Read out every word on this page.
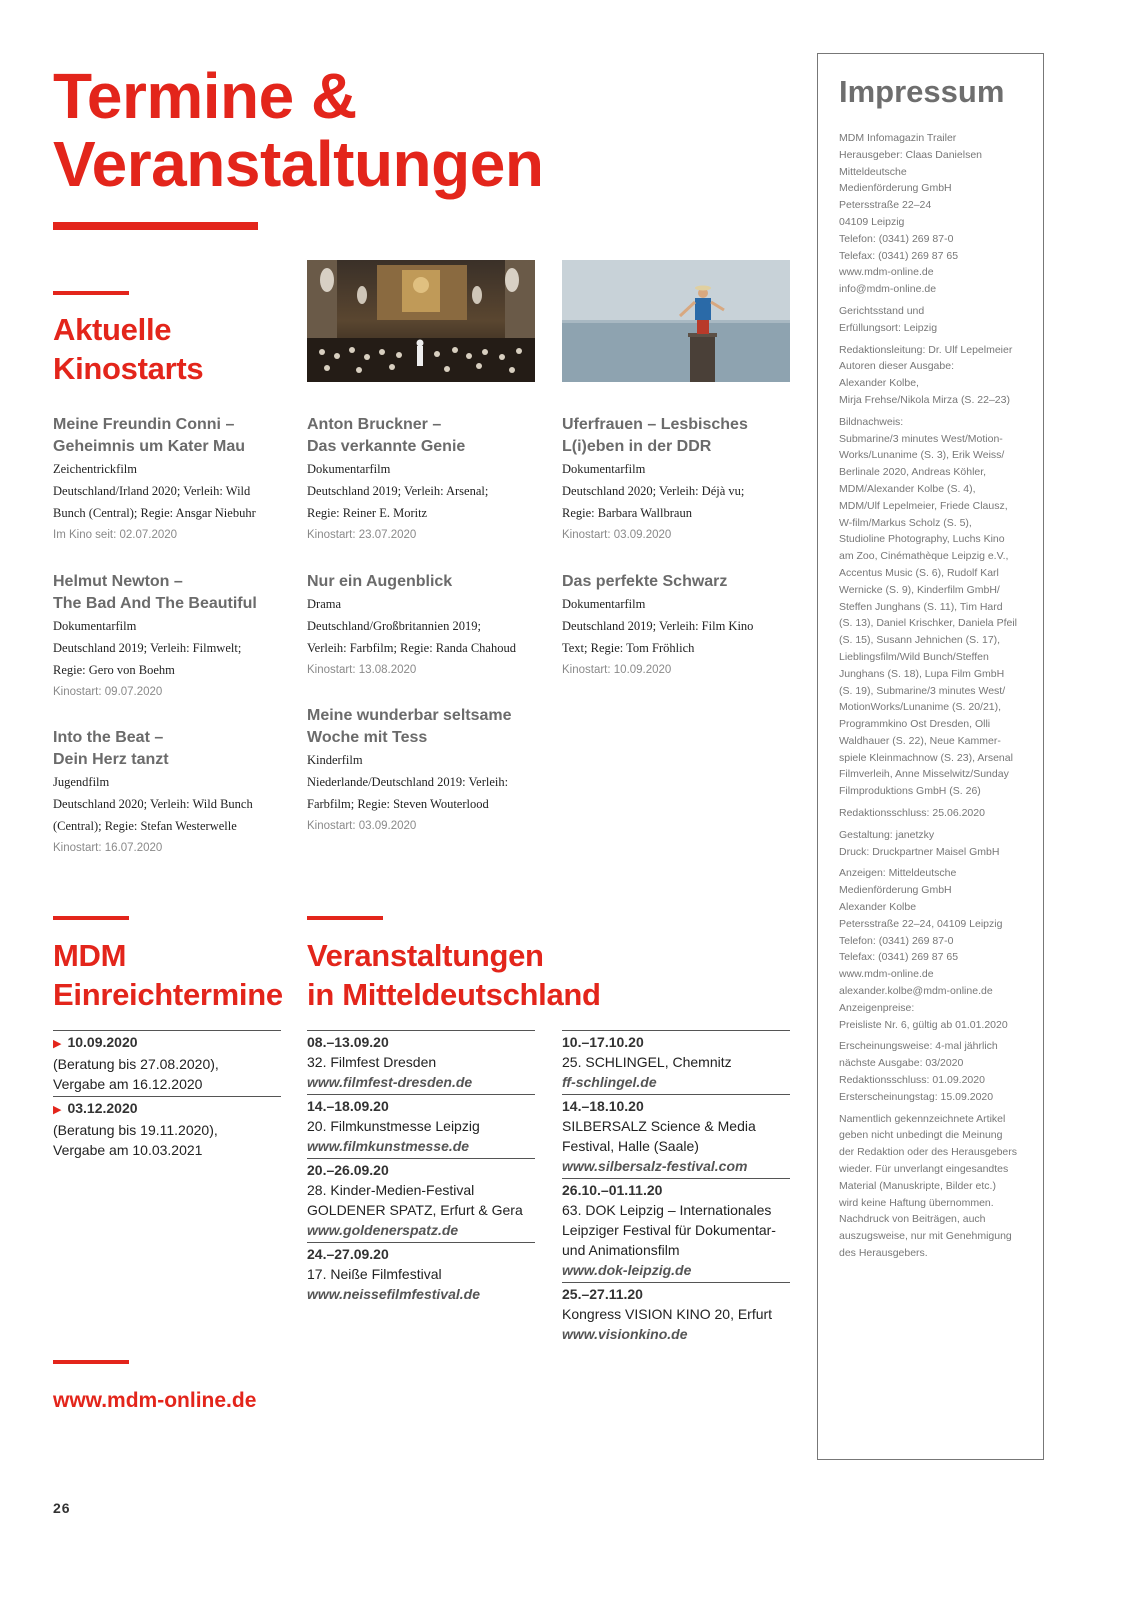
Termine &
Veranstaltungen
Aktuelle
Kinostarts

Meine Freundin Conni –
Geheimnis um Kater Mau

Zeichentrickfilm
Deutschland/Irland 2020; Verleih: Wild
Bunch (Central); Regie: Ansgar Niebuhr

Im Kino seit: 02.07.2020

Helmut Newton –
The Bad And The Beautiful

Dokumentarfilm
Deutschland 2019; Verleih: Filmwelt;
Regie: Gero von Boehm

Kinostart: 09.07.2020

Into the Beat –
Dein Herz tanzt

Jugendfilm
Deutschland 2020; Verleih: Wild Bunch
(Central); Regie: Stefan Westerwelle

Kinostart: 16.07.2020

Anton Bruckner –
Das verkannte Genie

Dokumentarfilm
Deutschland 2019; Verleih: Arsenal;
Regie: Reiner E. Moritz

Kinostart: 23.07.2020

Nur ein Augenblick

Drama
Deutschland/Großbritannien 2019;
Verleih: Farbfilm; Regie: Randa Chahoud

Kinostart: 13.08.2020

Meine wunderbar seltsame
Woche mit Tess

Kinderfilm
Niederlande/Deutschland 2019: Verleih:
Farbfilm; Regie: Steven Wouterlood

Kinostart: 03.09.2020

Uferfrauen – Lesbisches
L(i)eben in der DDR

Dokumentarfilm
Deutschland 2020; Verleih: Déjà vu;
Regie: Barbara Wallbraun

Kinostart: 03.09.2020

Das perfekte Schwarz

Dokumentarfilm
Deutschland 2019; Verleih: Film Kino
Text; Regie: Tom Fröhlich

Kinostart: 10.09.2020

MDM
Einreichtermine
▶ 10.09.2020
(Beratung bis 27.08.2020),
Vergabe am 16.12.2020
▶ 03.12.2020
(Beratung bis 19.11.2020),
Vergabe am 10.03.2021
Veranstaltungen
in Mitteldeutschland
08.–13.09.20
32. Filmfest Dresden
www.filmfest-dresden.de
14.–18.09.20
20. Filmkunstmesse Leipzig
www.filmkunstmesse.de
20.–26.09.20
28. Kinder-Medien-Festival
GOLDENER SPATZ, Erfurt & Gera
www.goldenerspatz.de
24.–27.09.20
17. Neiße Filmfestival
www.neissefilmfestival.de
10.–17.10.20
25. SCHLINGEL, Chemnitz
ff-schlingel.de
14.–18.10.20
SILBERSALZ Science & Media
Festival, Halle (Saale)
www.silbersalz-festival.com
26.10.–01.11.20
63. DOK Leipzig – Internationales
Leipziger Festival für Dokumentar-
und Animationsfilm
www.dok-leipzig.de
25.–27.11.20
Kongress VISION KINO 20, Erfurt
www.visionkino.de
www.mdm-online.de
26
Impressum

MDM Infomagazin Trailer
Herausgeber: Claas Danielsen
Mitteldeutsche
Medienförderung GmbH
Petersstraße 22–24
04109 Leipzig
Telefon: (0341) 269 87-0
Telefax: (0341) 269 87 65
www.mdm-online.de
info@mdm-online.de

Gerichtsstand und
Erfüllungsort: Leipzig

Redaktionsleitung: Dr. Ulf Lepelmeier
Autoren dieser Ausgabe:
Alexander Kolbe,
Mirja Frehse/Nikola Mirza (S. 22–23)

Bildnachweis:
Submarine/3 minutes West/Motion-
Works/Lunanime (S. 3), Erik Weiss/
Berlinale 2020, Andreas Köhler,
MDM/Alexander Kolbe (S. 4),
MDM/Ulf Lepelmeier, Friede Clausz,
W-film/Markus Scholz (S. 5),
Studioline Photography, Luchs Kino
am Zoo, Cinémathèque Leipzig e.V.,
Accentus Music (S. 6), Rudolf Karl
Wernicke (S. 9), Kinderfilm GmbH/
Steffen Junghans (S. 11), Tim Hard
(S. 13), Daniel Krischker, Daniela Pfeil
(S. 15), Susann Jehnichen (S. 17),
Lieblingsfilm/Wild Bunch/Steffen
Junghans (S. 18), Lupa Film GmbH
(S. 19), Submarine/3 minutes West/
MotionWorks/Lunanime (S. 20/21),
Programmkino Ost Dresden, Olli
Waldhauer (S. 22), Neue Kammer-
spiele Kleinmachnow (S. 23), Arsenal
Filmverleih, Anne Misselwitz/Sunday
Filmproduktions GmbH (S. 26)

Redaktionsschluss: 25.06.2020

Gestaltung: janetzky
Druck: Druckpartner Maisel GmbH

Anzeigen: Mitteldeutsche
Medienförderung GmbH
Alexander Kolbe
Petersstraße 22–24, 04109 Leipzig
Telefon: (0341) 269 87-0
Telefax: (0341) 269 87 65
www.mdm-online.de
alexander.kolbe@mdm-online.de
Anzeigenpreise:
Preisliste Nr. 6, gültig ab 01.01.2020

Erscheinungsweise: 4-mal jährlich
nächste Ausgabe: 03/2020
Redaktionsschluss: 01.09.2020
Ersterscheinungstag: 15.09.2020

Namentlich gekennzeichnete Artikel
geben nicht unbedingt die Meinung
der Redaktion oder des Herausgebers
wieder. Für unverlangt eingesandtes
Material (Manuskripte, Bilder etc.)
wird keine Haftung übernommen.
Nachdruck von Beiträgen, auch
auszugsweise, nur mit Genehmigung
des Herausgebers.
